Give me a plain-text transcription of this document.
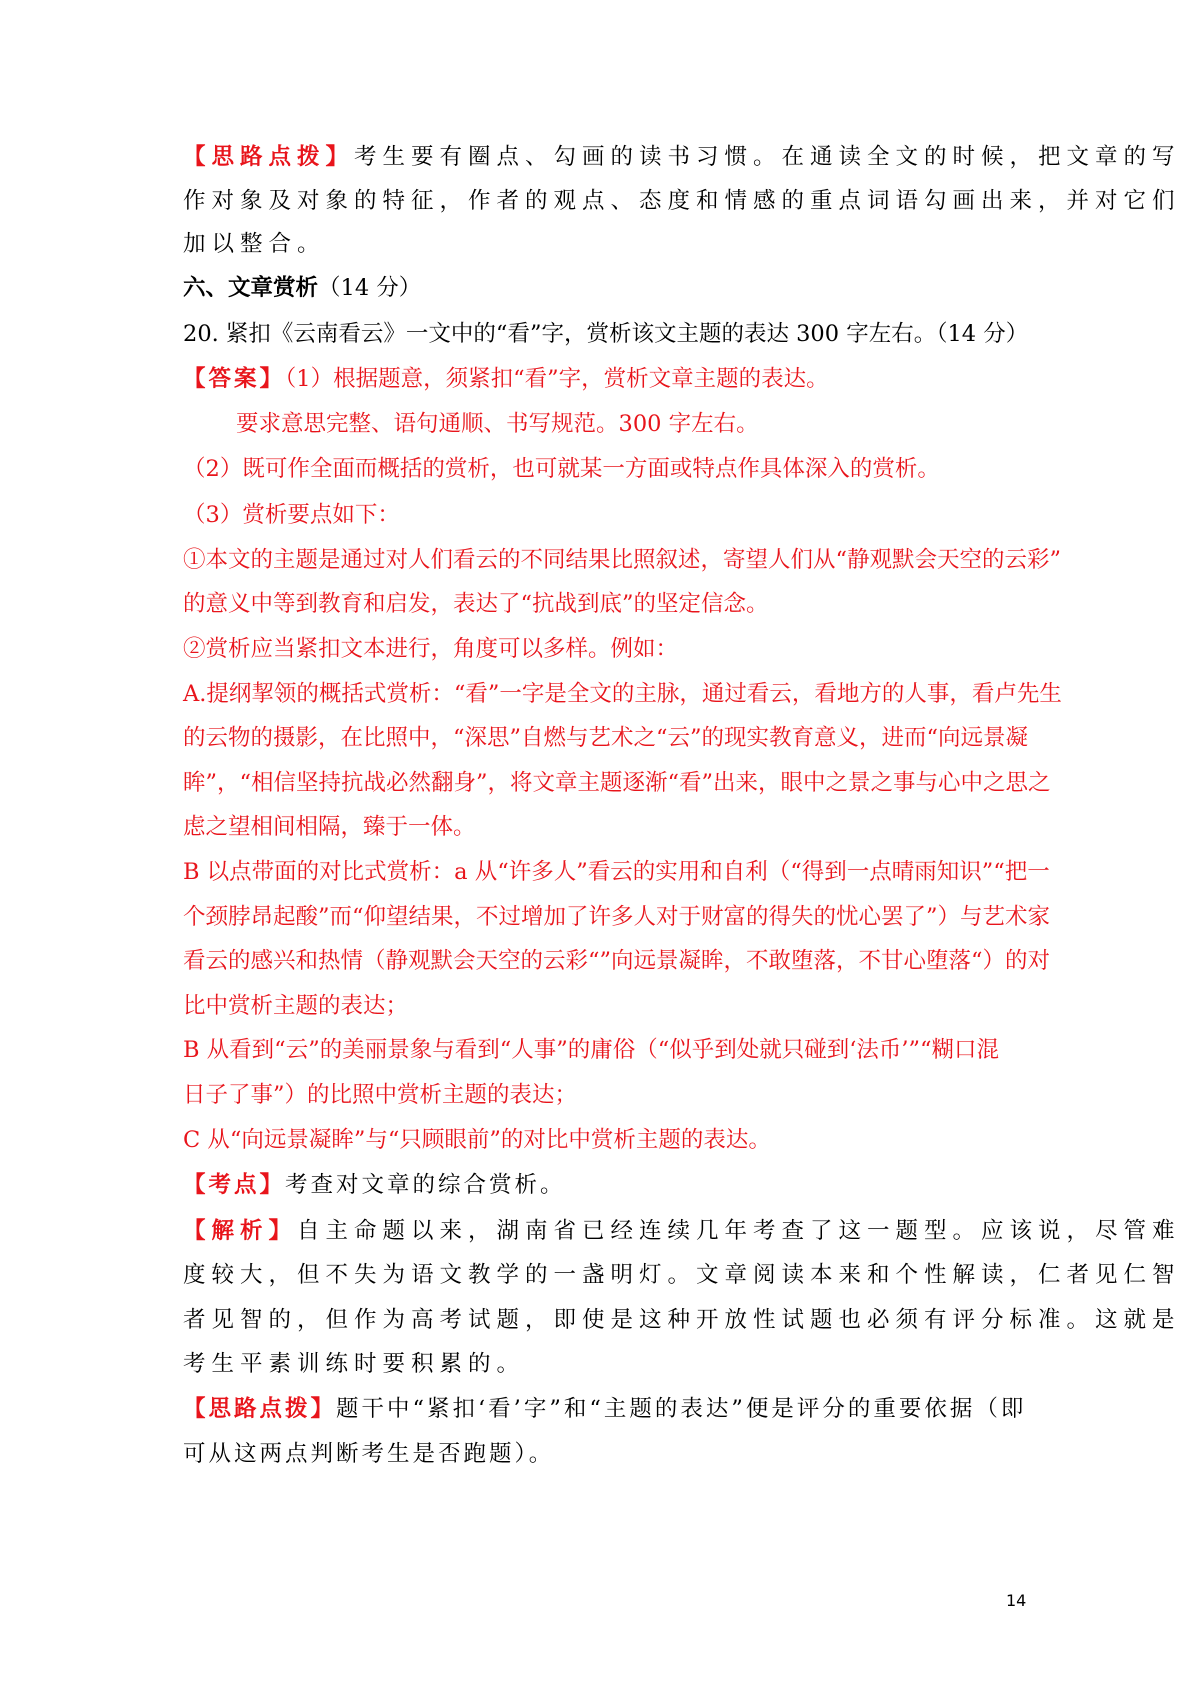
【思路点拨】考生要有圈点、勾画的读书习惯。在通读全文的时候，把文章的写
作对象及对象的特征，作者的观点、态度和情感的重点词语勾画出来，并对它们
加以整合。
六、文章赏析（14 分）
20. 紧扣《云南看云》一文中的“看”字，赏析该文主题的表达 300 字左右。（14 分）
【答案】（1）根据题意，须紧扣“看”字，赏析文章主题的表达。
要求意思完整、语句通顺、书写规范。300 字左右。
（2）既可作全面而概括的赏析，也可就某一方面或特点作具体深入的赏析。
（3）赏析要点如下：
①本文的主题是通过对人们看云的不同结果比照叙述，寄望人们从“静观默会天空的云彩”
的意义中等到教育和启发，表达了“抗战到底”的坚定信念。
②赏析应当紧扣文本进行，角度可以多样。例如：
A.提纲挈领的概括式赏析：“看”一字是全文的主脉，通过看云，看地方的人事，看卢先生
的云物的摄影，在比照中，“深思”自燃与艺术之“云”的现实教育意义，进而“向远景凝
眸”，“相信坚持抗战必然翻身”，将文章主题逐渐“看”出来，眼中之景之事与心中之思之
虑之望相间相隔，臻于一体。
B 以点带面的对比式赏析：a 从“许多人”看云的实用和自利（“得到一点晴雨知识”“把一
个颈脖昂起酸”而“仰望结果，不过增加了许多人对于财富的得失的忧心罢了”）与艺术家
看云的感兴和热情（静观默会天空的云彩“”向远景凝眸，不敢堕落，不甘心堕落“）的对
比中赏析主题的表达；
B 从看到“云”的美丽景象与看到“人事”的庸俗（“似乎到处就只碰到‘法币’”“糊口混
日子了事”）的比照中赏析主题的表达；
C 从“向远景凝眸”与“只顾眼前”的对比中赏析主题的表达。
【考点】考查对文章的综合赏析。
【解析】自主命题以来，湖南省已经连续几年考查了这一题型。应该说，尽管难
度较大，但不失为语文教学的一盏明灯。文章阅读本来和个性解读，仁者见仁智
者见智的，但作为高考试题，即使是这种开放性试题也必须有评分标准。这就是
考生平素训练时要积累的。
【思路点拨】题干中“紧扣‘看’字”和“主题的表达”便是评分的重要依据（即
可从这两点判断考生是否跑题）。
14
